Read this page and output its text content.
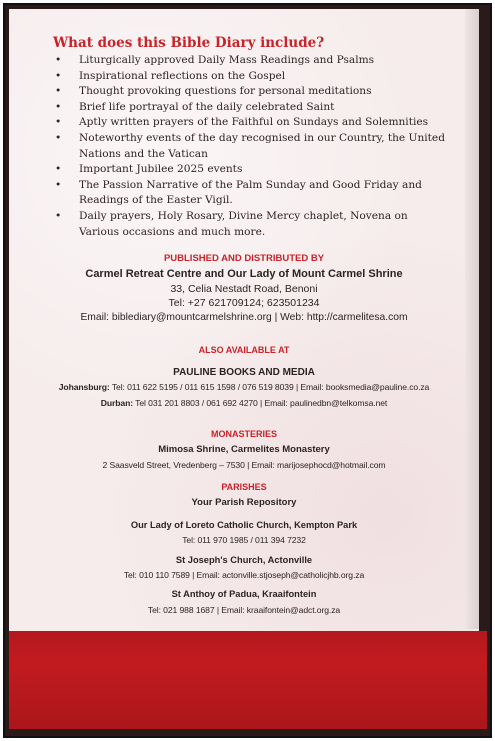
What does this Bible Diary include?
• Liturgically approved Daily Mass Readings and Psalms
• Inspirational reflections on the Gospel
• Thought provoking questions for personal meditations
• Brief life portrayal of the daily celebrated Saint
• Aptly written prayers of the Faithful on Sundays and Solemnities
• Noteworthy events of the day recognised in our Country, the United Nations and the Vatican
• Important Jubilee 2025 events
• The Passion Narrative of the Palm Sunday and Good Friday and Readings of the Easter Vigil.
• Daily prayers, Holy Rosary, Divine Mercy chaplet, Novena on Various occasions and much more.
PUBLISHED AND DISTRIBUTED BY
Carmel Retreat Centre and Our Lady of Mount Carmel Shrine
33, Celia Nestadt Road, Benoni
Tel: +27 621709124; 623501234
Email: biblediary@mountcarmelshrine.org | Web: http://carmelitesa.com
ALSO AVAILABLE AT
PAULINE BOOKS AND MEDIA
Johansburg: Tel: 011 622 5195 / 011 615 1598 / 076 519 8039 | Email: booksmedia@pauline.co.za
Durban: Tel 031 201 8803 / 061 692 4270 | Email: paulinedbn@telkomsa.net
MONASTERIES
Mimosa Shrine, Carmelites Monastery
2 Saasveld Street, Vredenberg – 7530 | Email: marijosephocd@hotmail.com
PARISHES
Your Parish Repository
Our Lady of Loreto Catholic Church, Kempton Park
Tel: 011 970 1985 / 011 394 7232
St Joseph's Church, Actonville
Tel: 010 110 7589 | Email: actonville.stjoseph@catholicjhb.org.za
St Anthoy of Padua, Kraaifontein
Tel: 021 988 1687 | Email: kraaifontein@adct.org.za
